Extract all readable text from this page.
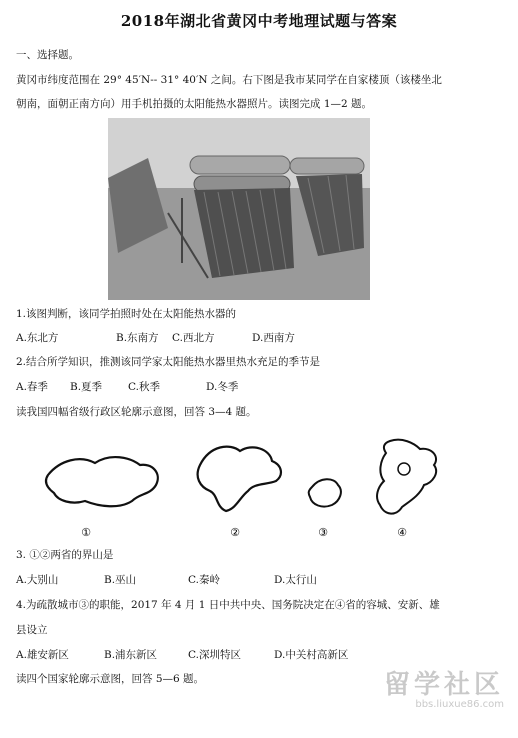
2018年湖北省黄冈中考地理试题与答案
一、选择题。
黄冈市纬度范围在 29° 45′N-- 31° 40′N 之间。右下图是我市某同学在自家楼顶（该楼坐北
朝南，面朝正南方向）用手机拍摄的太阳能热水器照片。读图完成 1—2 题。
1.该图判断，该同学拍照时处在太阳能热水器的
A.东北方	B.东南方 C.西北方	D.西南方
2.结合所学知识，推测该同学家太阳能热水器里热水充足的季节是
A.春季 B.夏季 C.秋季	D.冬季
读我国四幅省级行政区轮廓示意图，回答 3—4 题。
①	②	③	④
3. ①②两省的界山是
A.大别山	B.巫山	C.秦岭	D.太行山
4.为疏散城市③的职能，2017 年 4 月 1 日中共中央、国务院决定在④省的容城、安新、雄
县设立
A.雄安新区	B.浦东新区	C.深圳特区	D.中关村高新区
读四个国家轮廓示意图，回答 5—6 题。	留学社区
bbs.liuxue86.com
